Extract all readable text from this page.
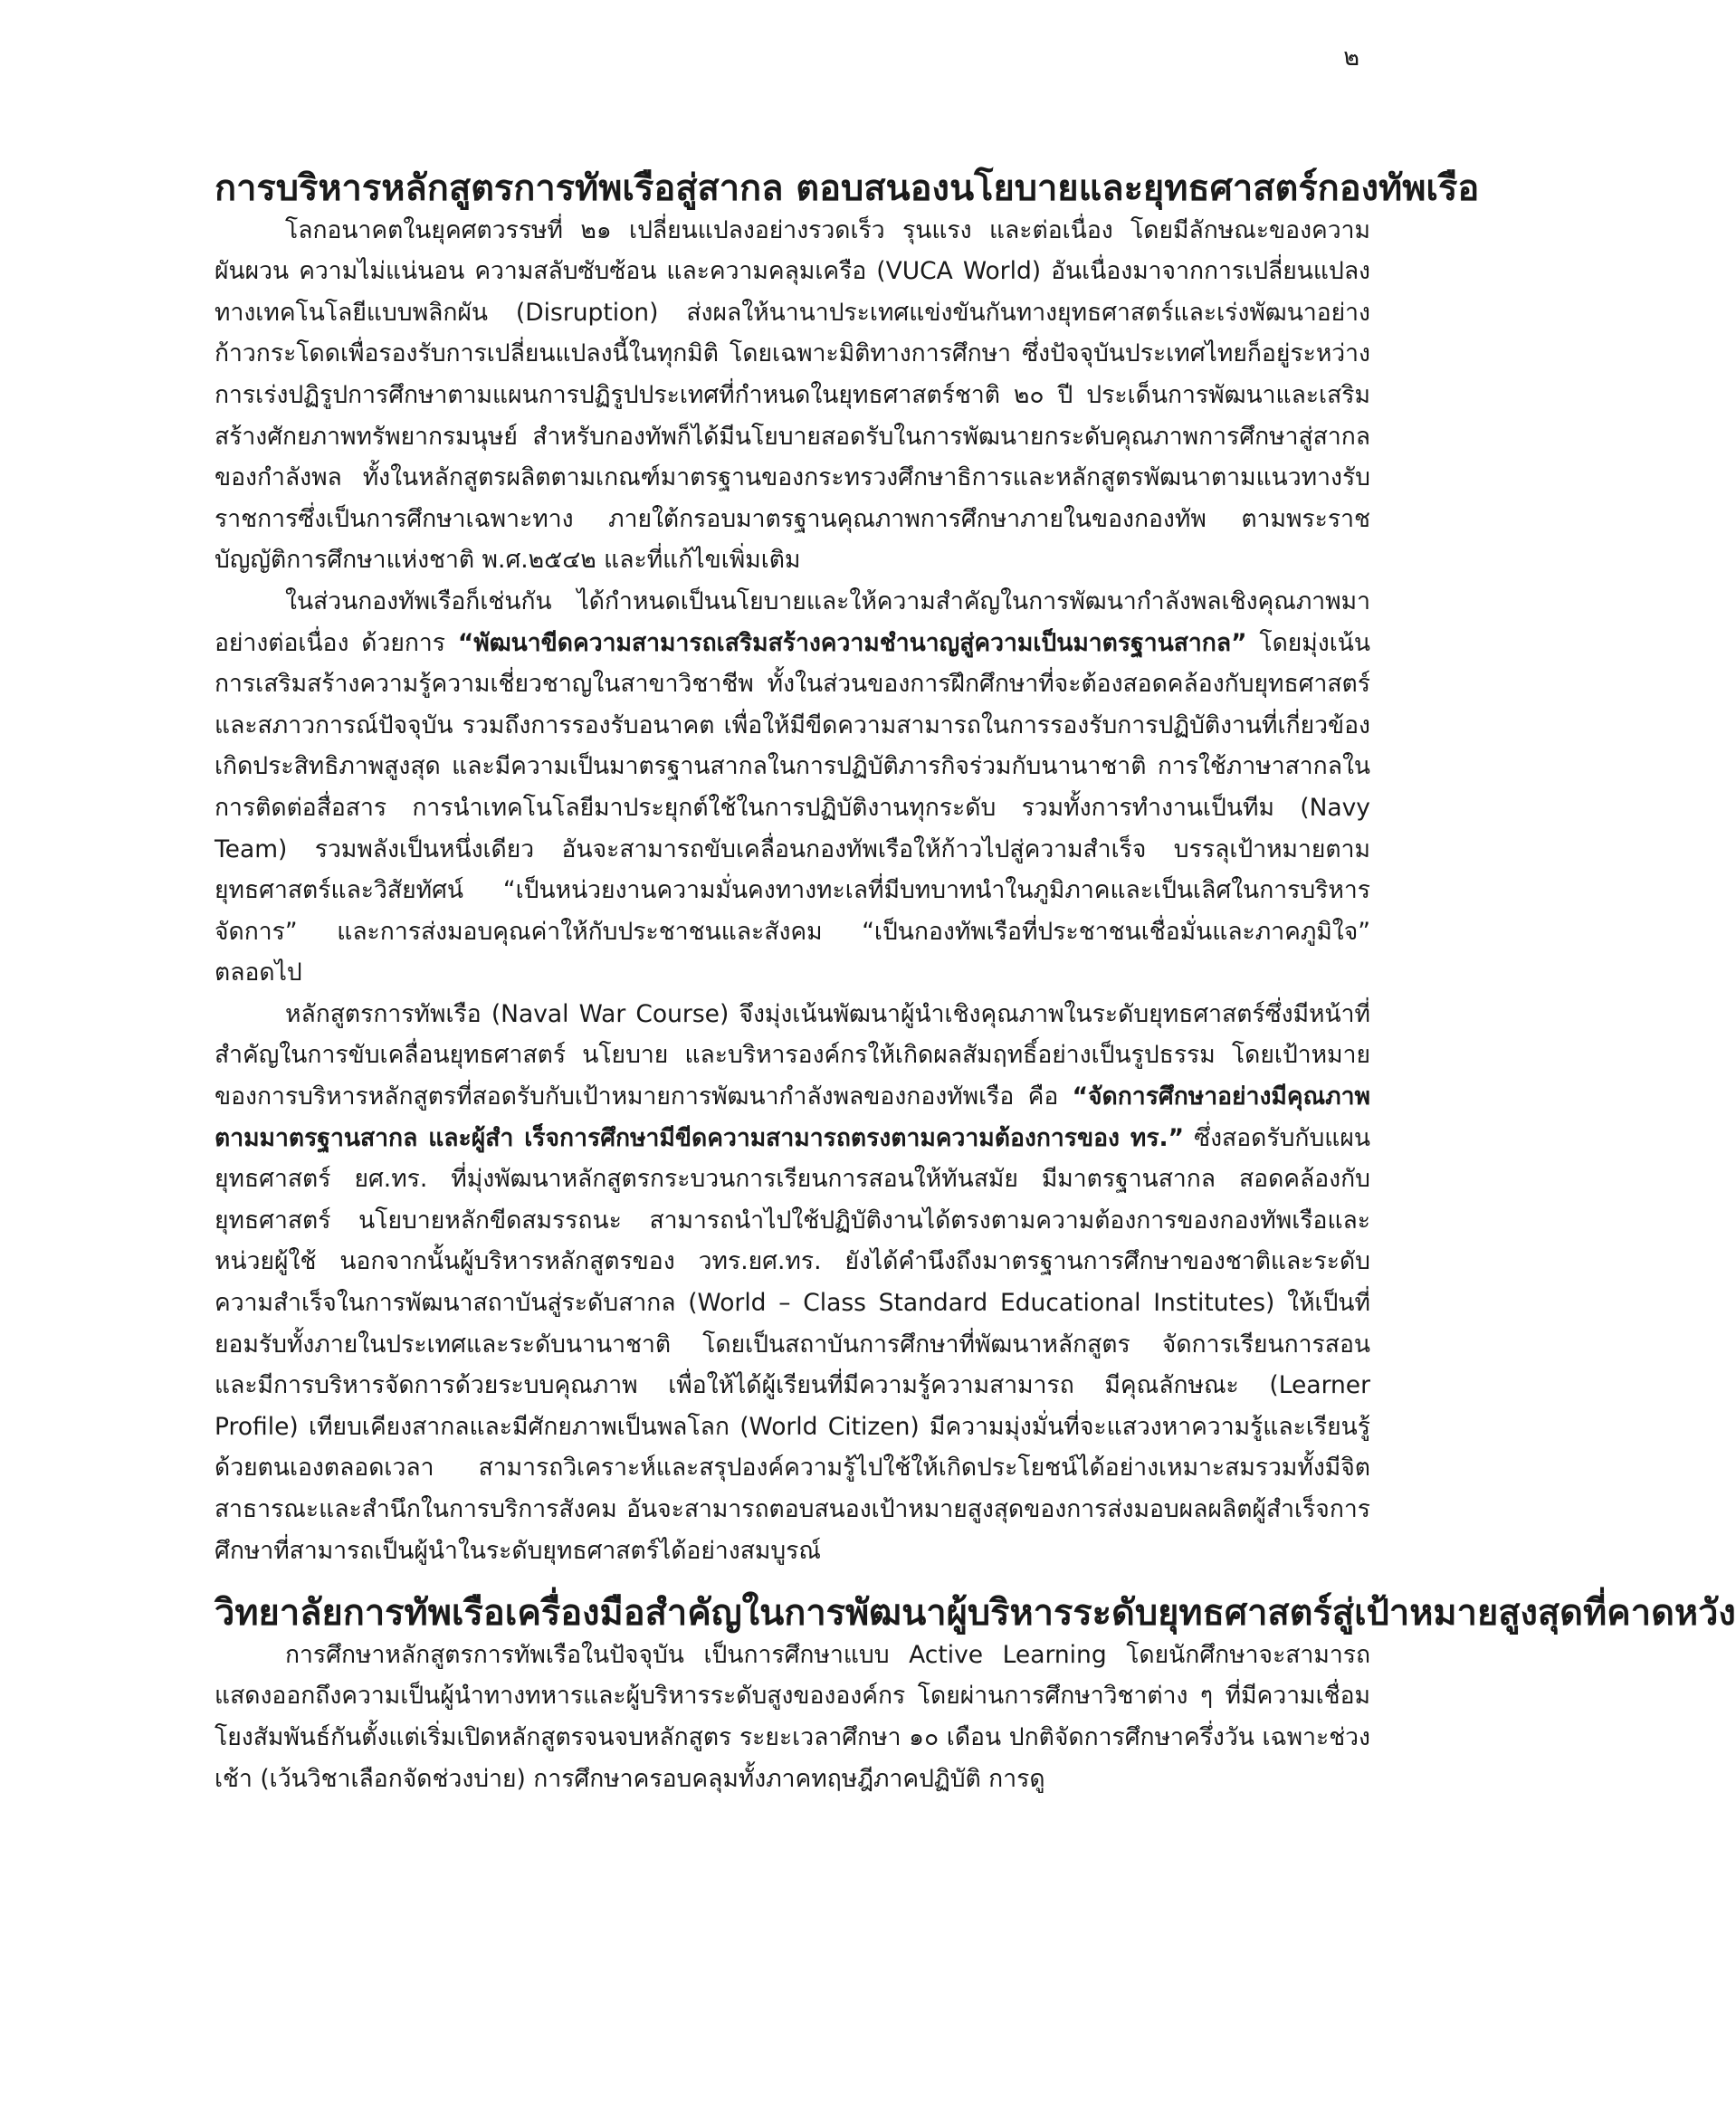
๒
การบริหารหลักสูตรการทัพเรือสู่สากล ตอบสนองนโยบายและยุทธศาสตร์กองทัพเรือ

โลกอนาคตในยุคศตวรรษที่ ๒๑ เปลี่ยนแปลงอย่างรวดเร็ว รุนแรง และต่อเนื่อง โดยมีลักษณะของความผันผวน ความไม่แน่นอน ความสลับซับซ้อน และความคลุมเครือ (VUCA World) อันเนื่องมาจากการเปลี่ยนแปลงทางเทคโนโลยีแบบพลิกผัน (Disruption) ส่งผลให้นานาประเทศแข่งขันกันทางยุทธศาสตร์และเร่งพัฒนาอย่างก้าวกระโดดเพื่อรองรับการเปลี่ยนแปลงนี้ในทุกมิติ โดยเฉพาะมิติทางการศึกษา ซึ่งปัจจุบันประเทศไทยก็อยู่ระหว่างการเร่งปฏิรูปการศึกษาตามแผนการปฏิรูปประเทศที่กำหนดในยุทธศาสตร์ชาติ ๒๐ ปี ประเด็นการพัฒนาและเสริมสร้างศักยภาพทรัพยากรมนุษย์ สำหรับกองทัพก็ได้มีนโยบายสอดรับในการพัฒนายกระดับคุณภาพการศึกษาสู่สากลของกำลังพล ทั้งในหลักสูตรผลิตตามเกณฑ์มาตรฐานของกระทรวงศึกษาธิการและหลักสูตรพัฒนาตามแนวทางรับราชการซึ่งเป็นการศึกษาเฉพาะทาง ภายใต้กรอบมาตรฐานคุณภาพการศึกษาภายในของกองทัพ ตามพระราชบัญญัติการศึกษาแห่งชาติ พ.ศ.๒๕๔๒ และที่แก้ไขเพิ่มเติม

ในส่วนกองทัพเรือก็เช่นกัน ได้กำหนดเป็นนโยบายและให้ความสำคัญในการพัฒนากำลังพลเชิงคุณภาพมาอย่างต่อเนื่อง ด้วยการ “พัฒนาขีดความสามารถเสริมสร้างความชำนาญสู่ความเป็นมาตรฐานสากล” โดยมุ่งเน้นการเสริมสร้างความรู้ความเชี่ยวชาญในสาขาวิชาชีพ ทั้งในส่วนของการฝึกศึกษาที่จะต้องสอดคล้องกับยุทธศาสตร์และสภาวการณ์ปัจจุบัน รวมถึงการรองรับอนาคต เพื่อให้มีขีดความสามารถในการรองรับการปฏิบัติงานที่เกี่ยวข้อง เกิดประสิทธิภาพสูงสุด และมีความเป็นมาตรฐานสากลในการปฏิบัติภารกิจร่วมกับนานาชาติ การใช้ภาษาสากลในการติดต่อสื่อสาร การนำเทคโนโลยีมาประยุกต์ใช้ในการปฏิบัติงานทุกระดับ รวมทั้งการทำงานเป็นทีม (Navy Team) รวมพลังเป็นหนึ่งเดียว อันจะสามารถขับเคลื่อนกองทัพเรือให้ก้าวไปสู่ความสำเร็จ บรรลุเป้าหมายตามยุทธศาสตร์และวิสัยทัศน์ “เป็นหน่วยงานความมั่นคงทางทะเลที่มีบทบาทนำในภูมิภาคและเป็นเลิศในการบริหารจัดการ” และการส่งมอบคุณค่าให้กับประชาชนและสังคม “เป็นกองทัพเรือที่ประชาชนเชื่อมั่นและภาคภูมิใจ” ตลอดไป

หลักสูตรการทัพเรือ (Naval War Course) จึงมุ่งเน้นพัฒนาผู้นำเชิงคุณภาพในระดับยุทธศาสตร์ซึ่งมีหน้าที่สำคัญในการขับเคลื่อนยุทธศาสตร์ นโยบาย และบริหารองค์กรให้เกิดผลสัมฤทธิ์อย่างเป็นรูปธรรม โดยเป้าหมายของการบริหารหลักสูตรที่สอดรับกับเป้าหมายการพัฒนากำลังพลของกองทัพเรือ คือ “จัดการศึกษาอย่างมีคุณภาพตามมาตรฐานสากล และผู้สำ เร็จการศึกษามีขีดความสามารถตรงตามความต้องการของ ทร.” ซึ่งสอดรับกับแผนยุทธศาสตร์ ยศ.ทร. ที่มุ่งพัฒนาหลักสูตรกระบวนการเรียนการสอนให้ทันสมัย มีมาตรฐานสากล สอดคล้องกับยุทธศาสตร์ นโยบายหลักขีดสมรรถนะ สามารถนำไปใช้ปฏิบัติงานได้ตรงตามความต้องการของกองทัพเรือและหน่วยผู้ใช้ นอกจากนั้นผู้บริหารหลักสูตรของ วทร.ยศ.ทร. ยังได้คำนึงถึงมาตรฐานการศึกษาของชาติและระดับความสำเร็จในการพัฒนาสถาบันสู่ระดับสากล (World – Class Standard Educational Institutes) ให้เป็นที่ยอมรับทั้งภายในประเทศและระดับนานาชาติ โดยเป็นสถาบันการศึกษาที่พัฒนาหลักสูตร จัดการเรียนการสอน และมีการบริหารจัดการด้วยระบบคุณภาพ เพื่อให้ได้ผู้เรียนที่มีความรู้ความสามารถ มีคุณลักษณะ (Learner Profile) เทียบเคียงสากลและมีศักยภาพเป็นพลโลก (World Citizen) มีความมุ่งมั่นที่จะแสวงหาความรู้และเรียนรู้ด้วยตนเองตลอดเวลา สามารถวิเคราะห์และสรุปองค์ความรู้ไปใช้ให้เกิดประโยชน์ได้อย่างเหมาะสมรวมทั้งมีจิตสาธารณะและสำนึกในการบริการสังคม อันจะสามารถตอบสนองเป้าหมายสูงสุดของการส่งมอบผลผลิตผู้สำเร็จการศึกษาที่สามารถเป็นผู้นำในระดับยุทธศาสตร์ได้อย่างสมบูรณ์

วิทยาลัยการทัพเรือเครื่องมือสำคัญในการพัฒนาผู้บริหารระดับยุทธศาสตร์สู่เป้าหมายสูงสุดที่คาดหวัง

การศึกษาหลักสูตรการทัพเรือในปัจจุบัน เป็นการศึกษาแบบ Active Learning โดยนักศึกษาจะสามารถแสดงออกถึงความเป็นผู้นำทางทหารและผู้บริหารระดับสูงขององค์กร โดยผ่านการศึกษาวิชาต่าง ๆ ที่มีความเชื่อมโยงสัมพันธ์กันตั้งแต่เริ่มเปิดหลักสูตรจนจบหลักสูตร ระยะเวลาศึกษา ๑๐ เดือน ปกติจัดการศึกษาครึ่งวัน เฉพาะช่วงเช้า (เว้นวิชาเลือกจัดช่วงบ่าย) การศึกษาครอบคลุมทั้งภาคทฤษฎีภาคปฏิบัติ การดู
